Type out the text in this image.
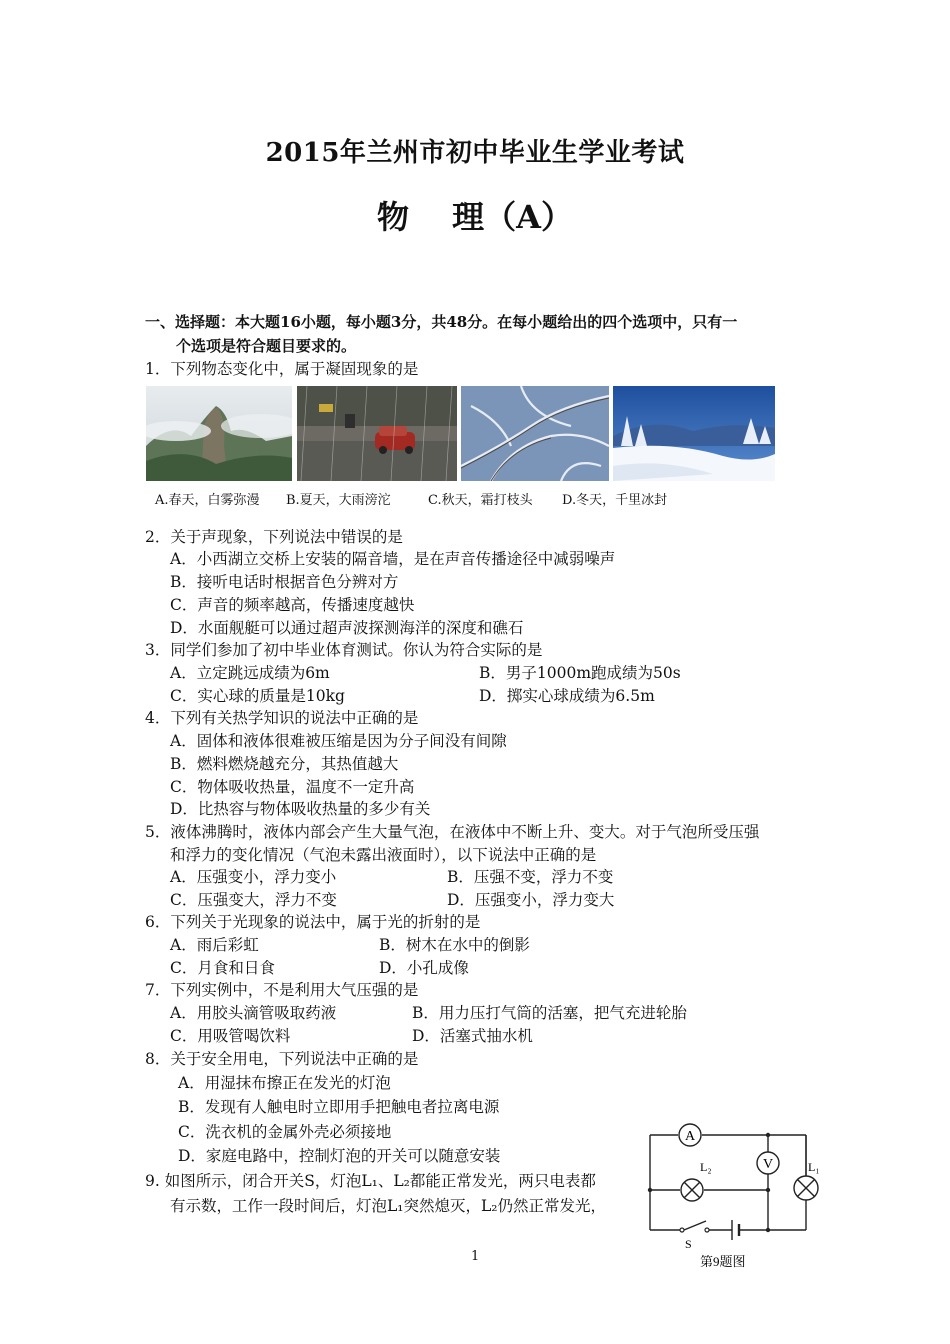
2015年兰州市初中毕业生学业考试
物　 理（A）
一、选择题：本大题16小题，每小题3分，共48分。在每小题给出的四个选项中，只有一
个选项是符合题目要求的。
1．下列物态变化中，属于凝固现象的是
A.春天，白雾弥漫 B.夏天，大雨滂沱	C.秋天，霜打枝头 D.冬天，千里冰封
2．关于声现象，下列说法中错误的是
A．小西湖立交桥上安装的隔音墙，是在声音传播途径中减弱噪声
B．接听电话时根据音色分辨对方
C．声音的频率越高，传播速度越快
D．水面舰艇可以通过超声波探测海洋的深度和礁石
3．同学们参加了初中毕业体育测试。你认为符合实际的是
A．立定跳远成绩为6m	B．男子1000m跑成绩为50s
C．实心球的质量是10kg	D．掷实心球成绩为6.5m
4．下列有关热学知识的说法中正确的是
A．固体和液体很难被压缩是因为分子间没有间隙
B．燃料燃烧越充分，其热值越大
C．物体吸收热量，温度不一定升高
D．比热容与物体吸收热量的多少有关
5．液体沸腾时，液体内部会产生大量气泡，在液体中不断上升、变大。对于气泡所受压强
和浮力的变化情况（气泡未露出液面时），以下说法中正确的是
A．压强变小，浮力变小	B．压强不变，浮力不变
C．压强变大，浮力不变	D．压强变小，浮力变大
6．下列关于光现象的说法中，属于光的折射的是
A．雨后彩虹	B．树木在水中的倒影
C．月食和日食	D．小孔成像
7．下列实例中，不是利用大气压强的是
A．用胶头滴管吸取药液	B．用力压打气筒的活塞，把气充进轮胎
C．用吸管喝饮料	D．活塞式抽水机
8．关于安全用电，下列说法中正确的是
A．用湿抹布擦正在发光的灯泡
B．发现有人触电时立即用手把触电者拉离电源
C．洗衣机的金属外壳必须接地
D．家庭电路中，控制灯泡的开关可以随意安装
9. 如图所示，闭合开关S，灯泡L₁、L₂都能正常发光，两只电表都
有示数，工作一段时间后，灯泡L₁突然熄灭，L₂仍然正常发光，
A
V
L₂	L₁
S
第9题图
1
